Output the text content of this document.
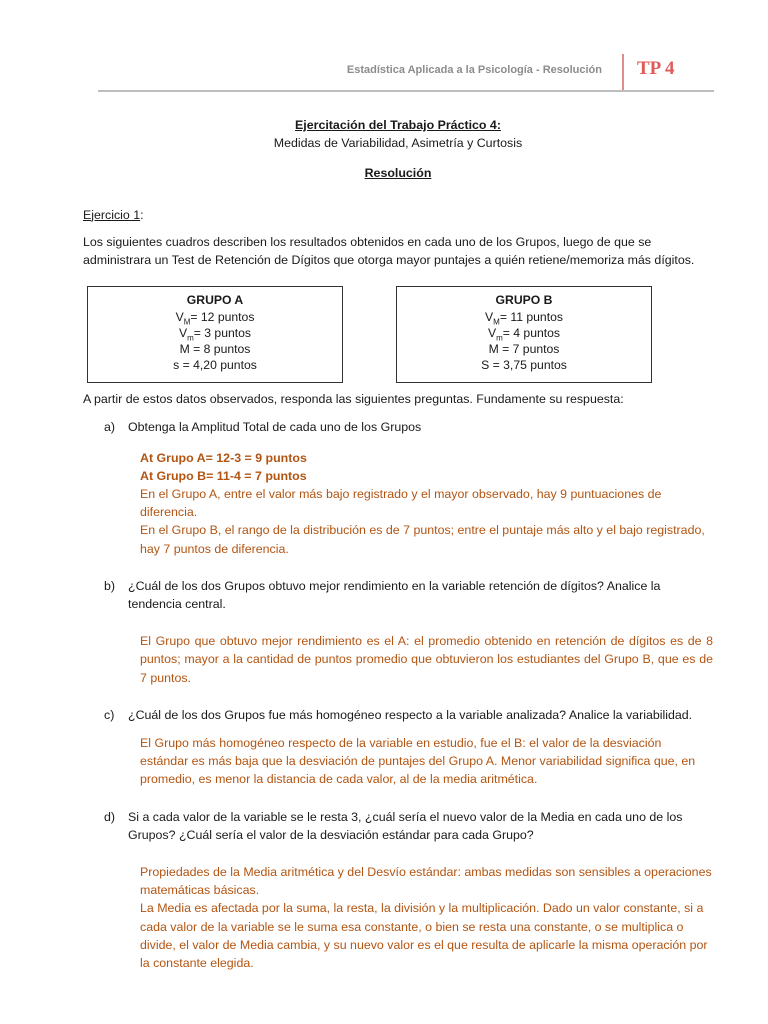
Estadística Aplicada a la Psicología - Resolución TP 4

Ejercitación del Trabajo Práctico 4:

Medidas de Variabilidad, Asimetría y Curtosis

Resolución

Ejercicio 1:

Los siguientes cuadros describen los resultados obtenidos en cada uno de los Grupos, luego de que se administrara un Test de Retención de Dígitos que otorga mayor puntajes a quién retiene/memoriza más dígitos.

GRUPO A
$V_M= 12$ puntos
$V_m= 3$ puntos
M = 8 puntos
s = 4,20 puntos
GRUPO B
$V_M= 11$ puntos
$V_m= 4$ puntos
M = 7 puntos
S = 3,75 puntos

A partir de estos datos observados, responda las siguientes preguntas. Fundamente su respuesta:

a) Obtenga la Amplitud Total de cada uno de los Grupos

At Grupo A= 12-3 = 9 puntos

At Grupo B= 11-4 = 7 puntos

En el Grupo A, entre el valor más bajo registrado y el mayor observado, hay 9 puntuaciones de diferencia.

En el Grupo B, el rango de la distribución es de 7 puntos; entre el puntaje más alto y el bajo registrado, hay 7 puntos de diferencia.

b) ¿Cuál de los dos Grupos obtuvo mejor rendimiento en la variable retención de dígitos? Analice la tendencia central.

El Grupo que obtuvo mejor rendimiento es el A: el promedio obtenido en retención de dígitos es de 8 puntos; mayor a la cantidad de puntos promedio que obtuvieron los estudiantes del Grupo B, que es de 7 puntos.

c) ¿Cuál de los dos Grupos fue más homogéneo respecto a la variable analizada? Analice la variabilidad.

El Grupo más homogéneo respecto de la variable en estudio, fue el B: el valor de la desviación estándar es más baja que la desviación de puntajes del Grupo A. Menor variabilidad significa que, en promedio, es menor la distancia de cada valor, al de la media aritmética.

d) Si a cada valor de la variable se le resta 3, ¿cuál sería el nuevo valor de la Media en cada uno de los Grupos? ¿Cuál sería el valor de la desviación estándar para cada Grupo?

Propiedades de la Media aritmética y del Desvío estándar: ambas medidas son sensibles a operaciones matemáticas básicas.

La Media es afectada por la suma, la resta, la división y la multiplicación. Dado un valor constante, si a cada valor de la variable se le suma esa constante, o bien se resta una constante, o se multiplica o divide, el valor de Media cambia, y su nuevo valor es el que resulta de aplicarle la misma operación por la constante elegida.
